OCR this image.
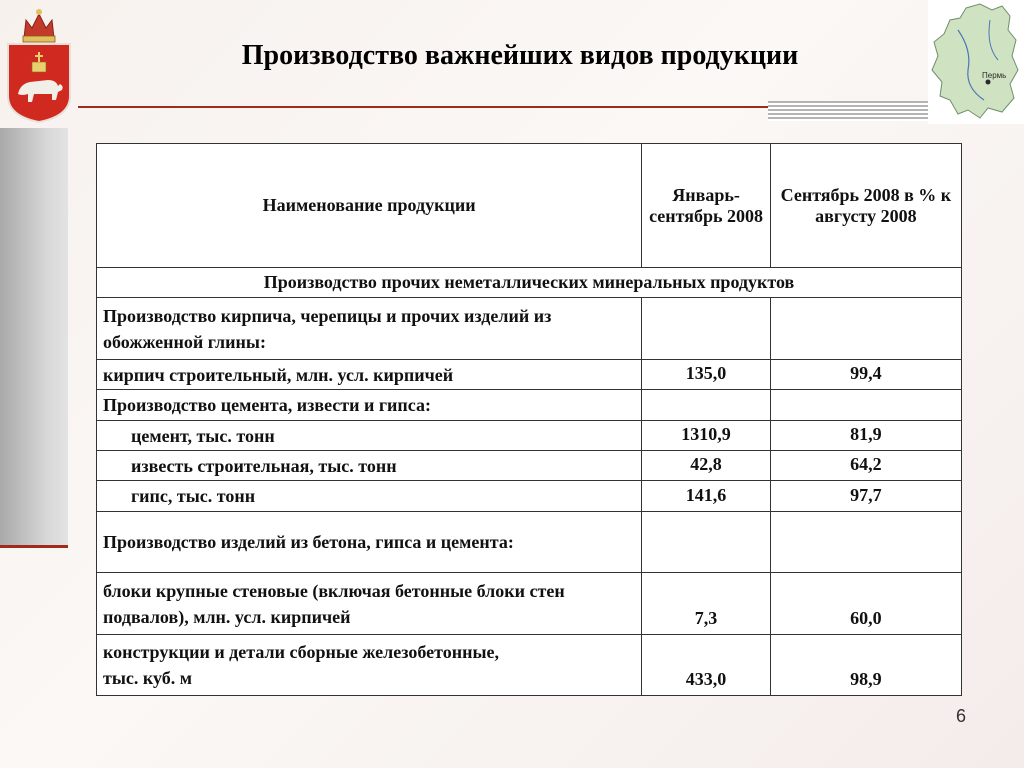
Производство важнейших видов продукции
Пермь
Наименование продукции	Январь-сентябрь 2008	Сентябрь 2008 в % к августу 2008
Производство прочих неметаллических минеральных продуктов		
Производство кирпича, черепицы и прочих изделий из обожженной глины:		
кирпич строительный, млн. усл. кирпичей	135,0	99,4
Производство цемента, извести и гипса:		
цемент, тыс. тонн	1310,9	81,9
известь строительная, тыс. тонн	42,8	64,2
гипс, тыс. тонн	141,6	97,7
Производство изделий из бетона, гипса и цемента:		
блоки крупные стеновые (включая бетонные блоки стен подвалов), млн. усл. кирпичей	7,3	60,0
конструкции и детали сборные железобетонные, тыс. куб. м	433,0	98,9
6
